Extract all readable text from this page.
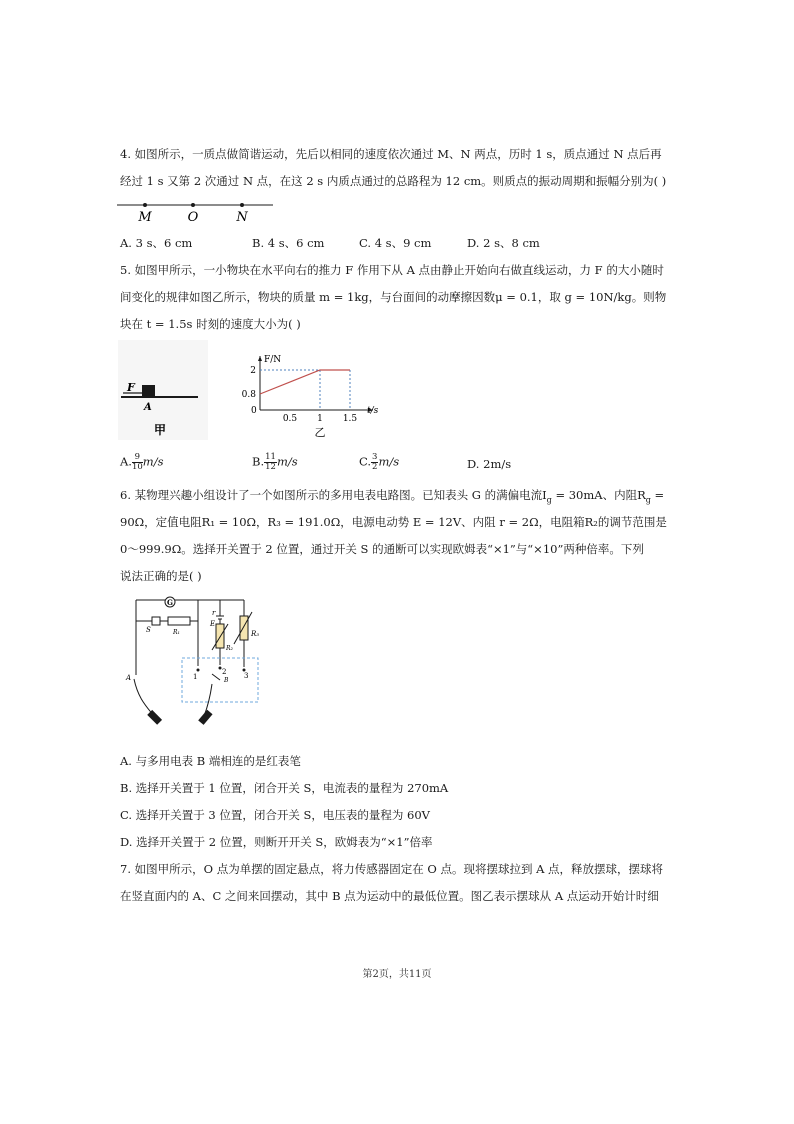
4. 如图所示，一质点做简谐运动，先后以相同的速度依次通过 M、N 两点，历时 1 s，质点通过 N 点后再
经过 1 s 又第 2 次通过 N 点，在这 2 s 内质点通过的总路程为 12 cm。则质点的振动周期和振幅分别为( )
M	O	N
A. 3 s、6 cm	B. 4 s、6 cm	C. 4 s、9 cm	D. 2 s、8 cm
5. 如图甲所示，一小物块在水平向右的推力 F 作用下从 A 点由静止开始向右做直线运动，力 F 的大小随时
间变化的规律如图乙所示，物块的质量 m = 1kg，与台面间的动摩擦因数μ = 0.1，取 g = 10N/kg。则物
块在 t = 1.5s 时刻的速度大小为( )
F
A
甲
F/N
t/s
0
0.8
2
0.5 1 1.5
乙
A. $\frac{9}{10} m/s$	B. $\frac{11}{12} m/s$	C. $\frac{3}{2} m/s$	D. 2m/s
6. 某物理兴趣小组设计了一个如图所示的多用电表电路图。已知表头 G 的满偏电流$I_g = 30mA$、内阻$R_g$ =
90Ω，定值电阻R₁ = 10Ω，R₃ = 191.0Ω，电源电动势 E = 12V、内阻 r = 2Ω，电阻箱R₂的调节范围是
0～999.9Ω。选择开关置于 2 位置，通过开关 S 的通断可以实现欧姆表“×1”与“×10”两种倍率。下列
说法正确的是( )
G
S	R₁
r
E
R₂
R₃
1
2	3
B
A
A. 与多用电表 B 端相连的是红表笔
B. 选择开关置于 1 位置，闭合开关 S，电流表的量程为 270mA
C. 选择开关置于 3 位置，闭合开关 S，电压表的量程为 60V
D. 选择开关置于 2 位置，则断开开关 S，欧姆表为“×1”倍率
7. 如图甲所示，O 点为单摆的固定悬点，将力传感器固定在 O 点。现将摆球拉到 A 点，释放摆球，摆球将
在竖直面内的 A、C 之间来回摆动，其中 B 点为运动中的最低位置。图乙表示摆球从 A 点运动开始计时细
第2页，共11页
